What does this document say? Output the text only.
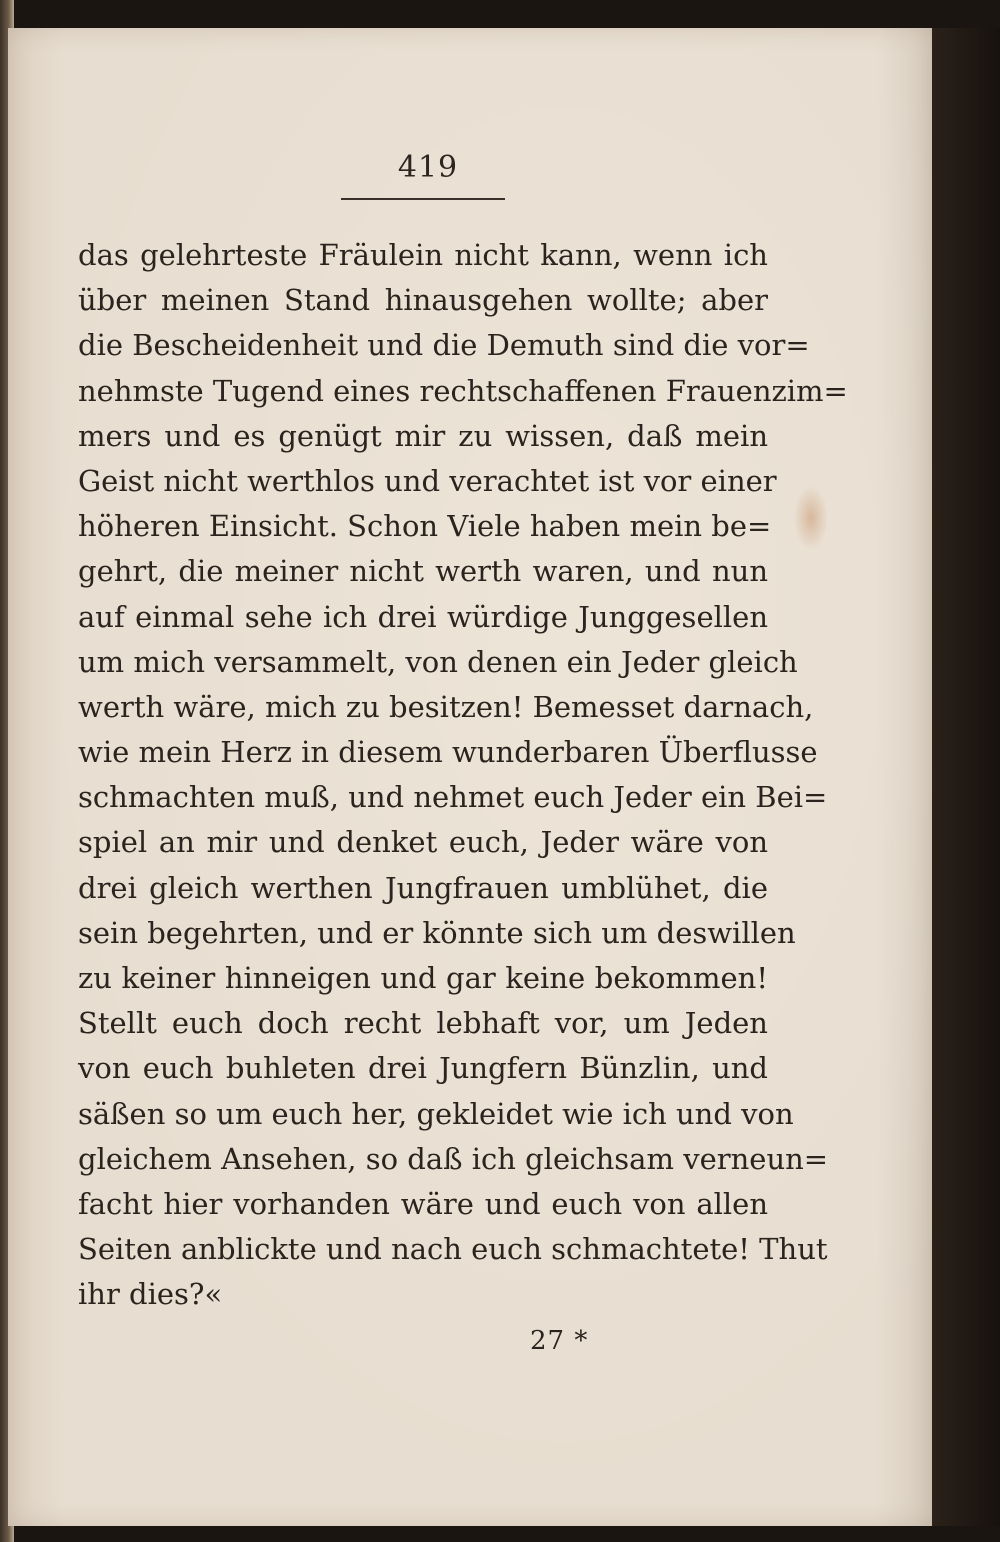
419
das gelehrteste Fräulein nicht kann, wenn ich
über meinen Stand hinausgehen wollte; aber
die Bescheidenheit und die Demuth sind die vor=
nehmste Tugend eines rechtschaffenen Frauenzim=
mers und es genügt mir zu wissen, daß mein
Geist nicht werthlos und verachtet ist vor einer
höheren Einsicht. Schon Viele haben mein be=
gehrt, die meiner nicht werth waren, und nun
auf einmal sehe ich drei würdige Junggesellen
um mich versammelt, von denen ein Jeder gleich
werth wäre, mich zu besitzen! Bemesset darnach,
wie mein Herz in diesem wunderbaren Überflusse
schmachten muß, und nehmet euch Jeder ein Bei=
spiel an mir und denket euch, Jeder wäre von
drei gleich werthen Jungfrauen umblühet, die
sein begehrten, und er könnte sich um deswillen
zu keiner hinneigen und gar keine bekommen!
Stellt euch doch recht lebhaft vor, um Jeden
von euch buhleten drei Jungfern Bünzlin, und
säßen so um euch her, gekleidet wie ich und von
gleichem Ansehen, so daß ich gleichsam verneun=
facht hier vorhanden wäre und euch von allen
Seiten anblickte und nach euch schmachtete! Thut
ihr dies?«
27 *
